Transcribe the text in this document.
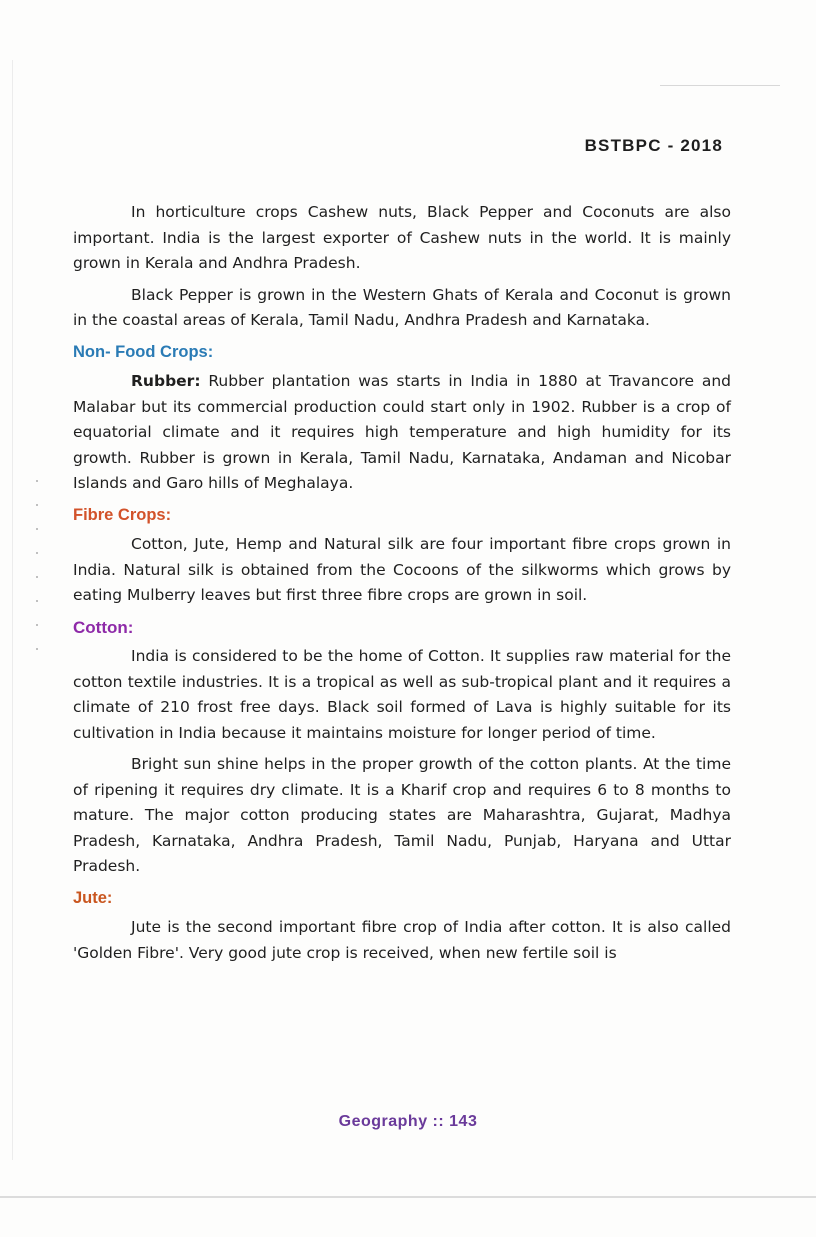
BSTBPC - 2018

In horticulture crops Cashew nuts, Black Pepper and Coconuts are also important. India is the largest exporter of Cashew nuts in the world. It is mainly grown in Kerala and Andhra Pradesh.

Black Pepper is grown in the Western Ghats of Kerala and Coconut is grown in the coastal areas of Kerala, Tamil Nadu, Andhra Pradesh and Karnataka.

Non- Food Crops:

Rubber: Rubber plantation was starts in India in 1880 at Travancore and Malabar but its commercial production could start only in 1902. Rubber is a crop of equatorial climate and it requires high temperature and high humidity for its growth. Rubber is grown in Kerala, Tamil Nadu, Karnataka, Andaman and Nicobar Islands and Garo hills of Meghalaya.

Fibre Crops:

Cotton, Jute, Hemp and Natural silk are four important fibre crops grown in India. Natural silk is obtained from the Cocoons of the silkworms which grows by eating Mulberry leaves but first three fibre crops are grown in soil.

Cotton:

India is considered to be the home of Cotton. It supplies raw material for the cotton textile industries. It is a tropical as well as sub-tropical plant and it requires a climate of 210 frost free days. Black soil formed of Lava is highly suitable for its cultivation in India because it maintains moisture for longer period of time.

Bright sun shine helps in the proper growth of the cotton plants. At the time of ripening it requires dry climate. It is a Kharif crop and requires 6 to 8 months to mature. The major cotton producing states are Maharashtra, Gujarat, Madhya Pradesh, Karnataka, Andhra Pradesh, Tamil Nadu, Punjab, Haryana and Uttar Pradesh.

Jute:

Jute is the second important fibre crop of India after cotton. It is also called 'Golden Fibre'. Very good jute crop is received, when new fertile soil is

Geography :: 143
